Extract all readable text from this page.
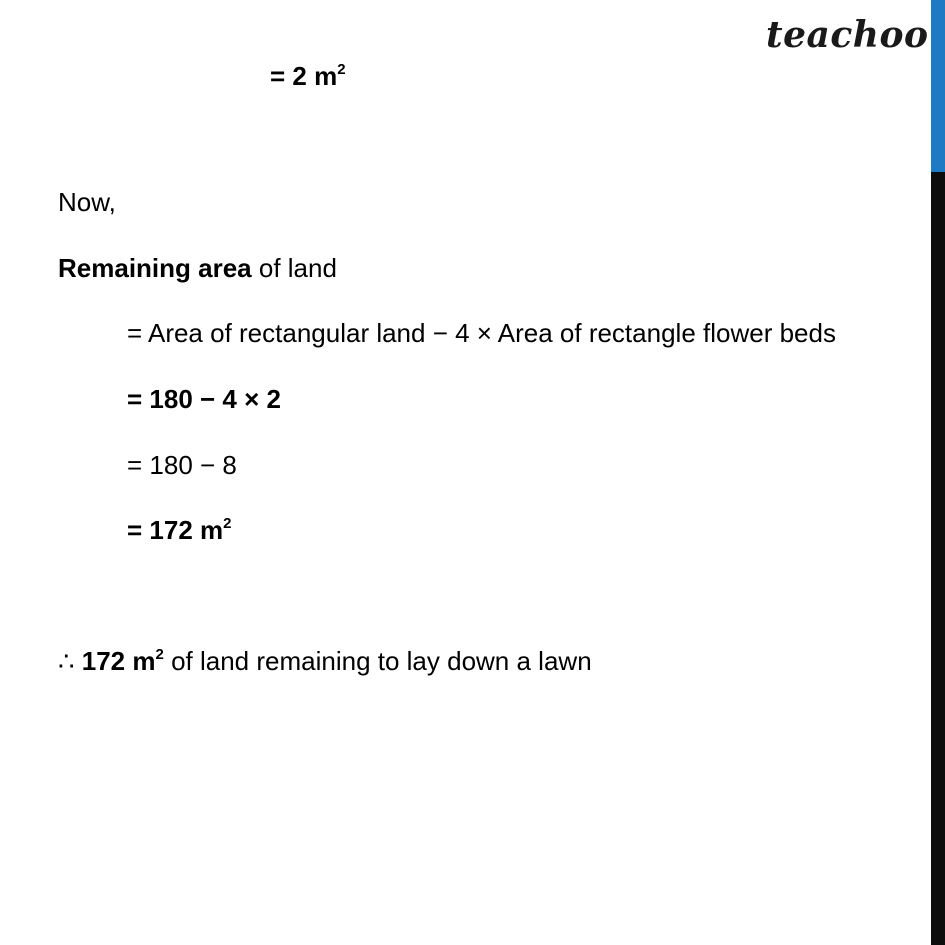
teachoo
= 2 $m^2$
Now,
Remaining area of land
= Area of rectangular land − 4 × Area of rectangle flower beds
= 180 − 4 × 2
= 180 − 8
= 172 $m^2$
∴ 172 $m^2$ of land remaining to lay down a lawn
